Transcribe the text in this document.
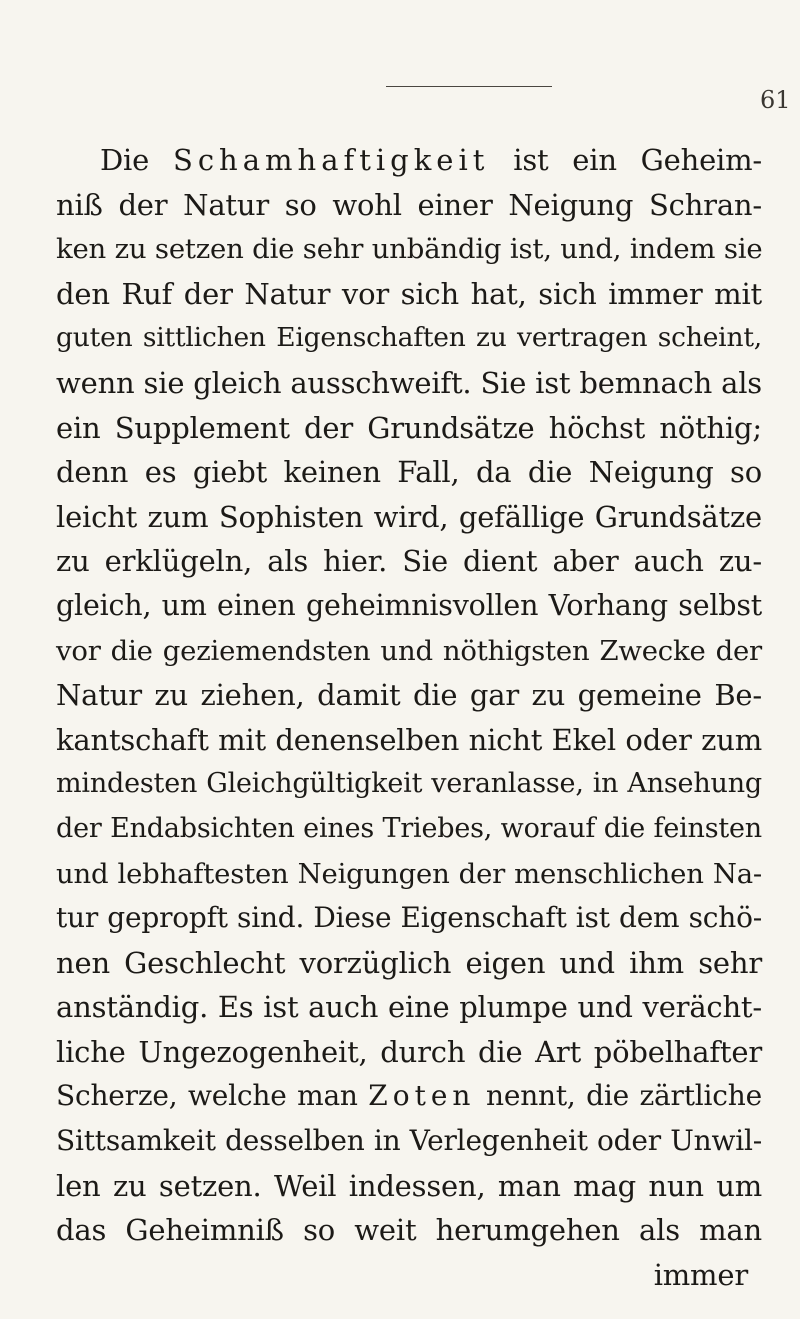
61
Die Schamhaftigkeit ist ein Geheim-
niß der Natur so wohl einer Neigung Schran-
ken zu setzen die sehr unbändig ist, und, indem sie
den Ruf der Natur vor sich hat, sich immer mit
guten sittlichen Eigenschaften zu vertragen scheint,
wenn sie gleich ausschweift. Sie ist bemnach als
ein Supplement der Grundsätze höchst nöthig;
denn es giebt keinen Fall, da die Neigung so
leicht zum Sophisten wird, gefällige Grundsätze
zu erklügeln, als hier. Sie dient aber auch zu-
gleich, um einen geheimnisvollen Vorhang selbst
vor die geziemendsten und nöthigsten Zwecke der
Natur zu ziehen, damit die gar zu gemeine Be-
kantschaft mit denenselben nicht Ekel oder zum
mindesten Gleichgültigkeit veranlasse, in Ansehung
der Endabsichten eines Triebes, worauf die feinsten
und lebhaftesten Neigungen der menschlichen Na-
tur gepropft sind. Diese Eigenschaft ist dem schö-
nen Geschlecht vorzüglich eigen und ihm sehr
anständig. Es ist auch eine plumpe und verächt-
liche Ungezogenheit, durch die Art pöbelhafter
Scherze, welche man Zoten nennt, die zärtliche
Sittsamkeit desselben in Verlegenheit oder Unwil-
len zu setzen. Weil indessen, man mag nun um
das Geheimniß so weit herumgehen als man
immer
